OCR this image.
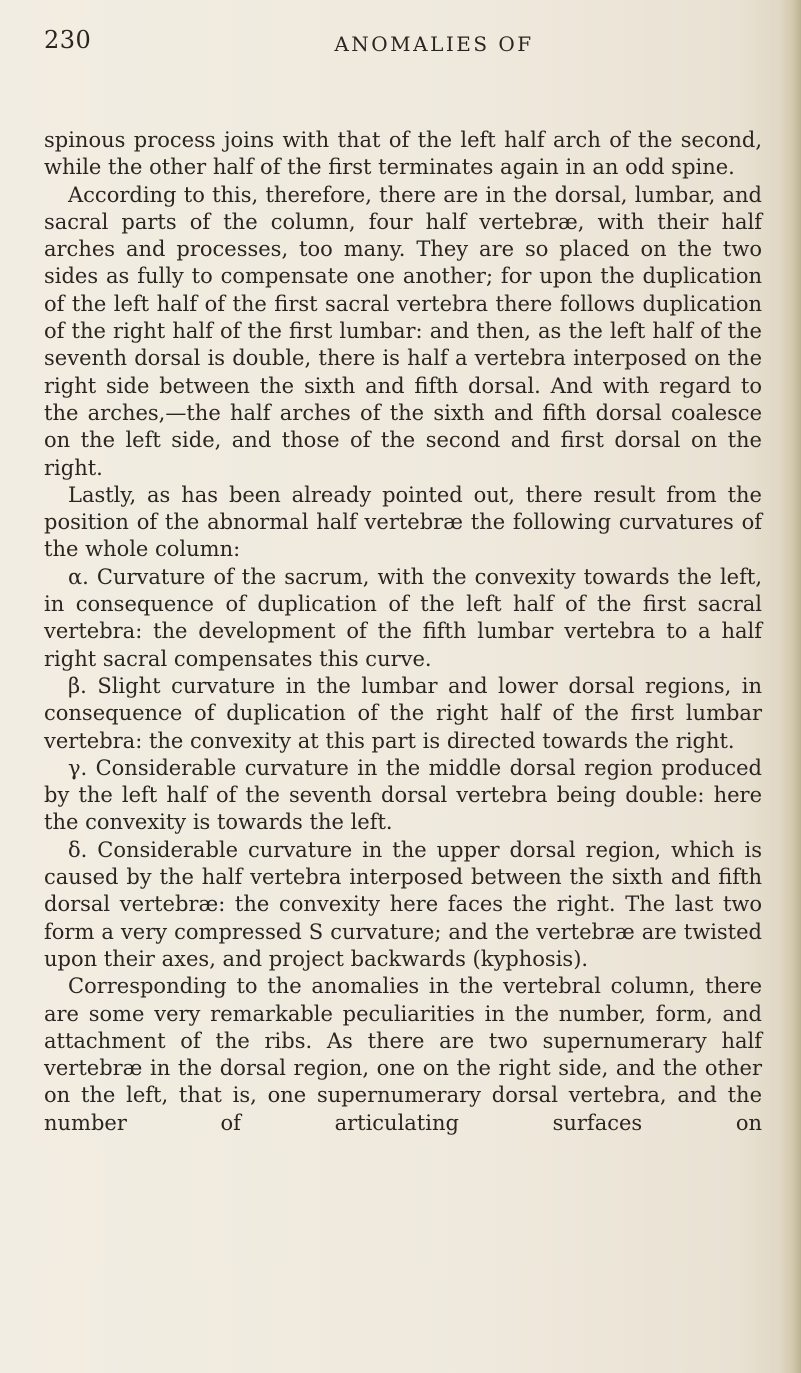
230	ANOMALIES OF

spinous process joins with that of the left half arch of the second, while the other half of the first terminates again in an odd spine.

According to this, therefore, there are in the dorsal, lumbar, and sacral parts of the column, four half vertebræ, with their half arches and processes, too many. They are so placed on the two sides as fully to compensate one another; for upon the duplication of the left half of the first sacral vertebra there follows duplication of the right half of the first lumbar: and then, as the left half of the seventh dorsal is double, there is half a vertebra interposed on the right side between the sixth and fifth dorsal. And with regard to the arches,—the half arches of the sixth and fifth dorsal coalesce on the left side, and those of the second and first dorsal on the right.

Lastly, as has been already pointed out, there result from the position of the abnormal half vertebræ the following curvatures of the whole column:

α. Curvature of the sacrum, with the convexity towards the left, in consequence of duplication of the left half of the first sacral vertebra: the development of the fifth lumbar vertebra to a half right sacral compensates this curve.

β. Slight curvature in the lumbar and lower dorsal regions, in consequence of duplication of the right half of the first lumbar vertebra: the convexity at this part is directed towards the right.

γ. Considerable curvature in the middle dorsal region produced by the left half of the seventh dorsal vertebra being double: here the convexity is towards the left.

δ. Considerable curvature in the upper dorsal region, which is caused by the half vertebra interposed between the sixth and fifth dorsal vertebræ: the convexity here faces the right. The last two form a very compressed S curvature; and the vertebræ are twisted upon their axes, and project backwards (kyphosis).

Corresponding to the anomalies in the vertebral column, there are some very remarkable peculiarities in the number, form, and attachment of the ribs. As there are two supernumerary half vertebræ in the dorsal region, one on the right side, and the other on the left, that is, one supernumerary dorsal vertebra, and the number of articulating surfaces on
